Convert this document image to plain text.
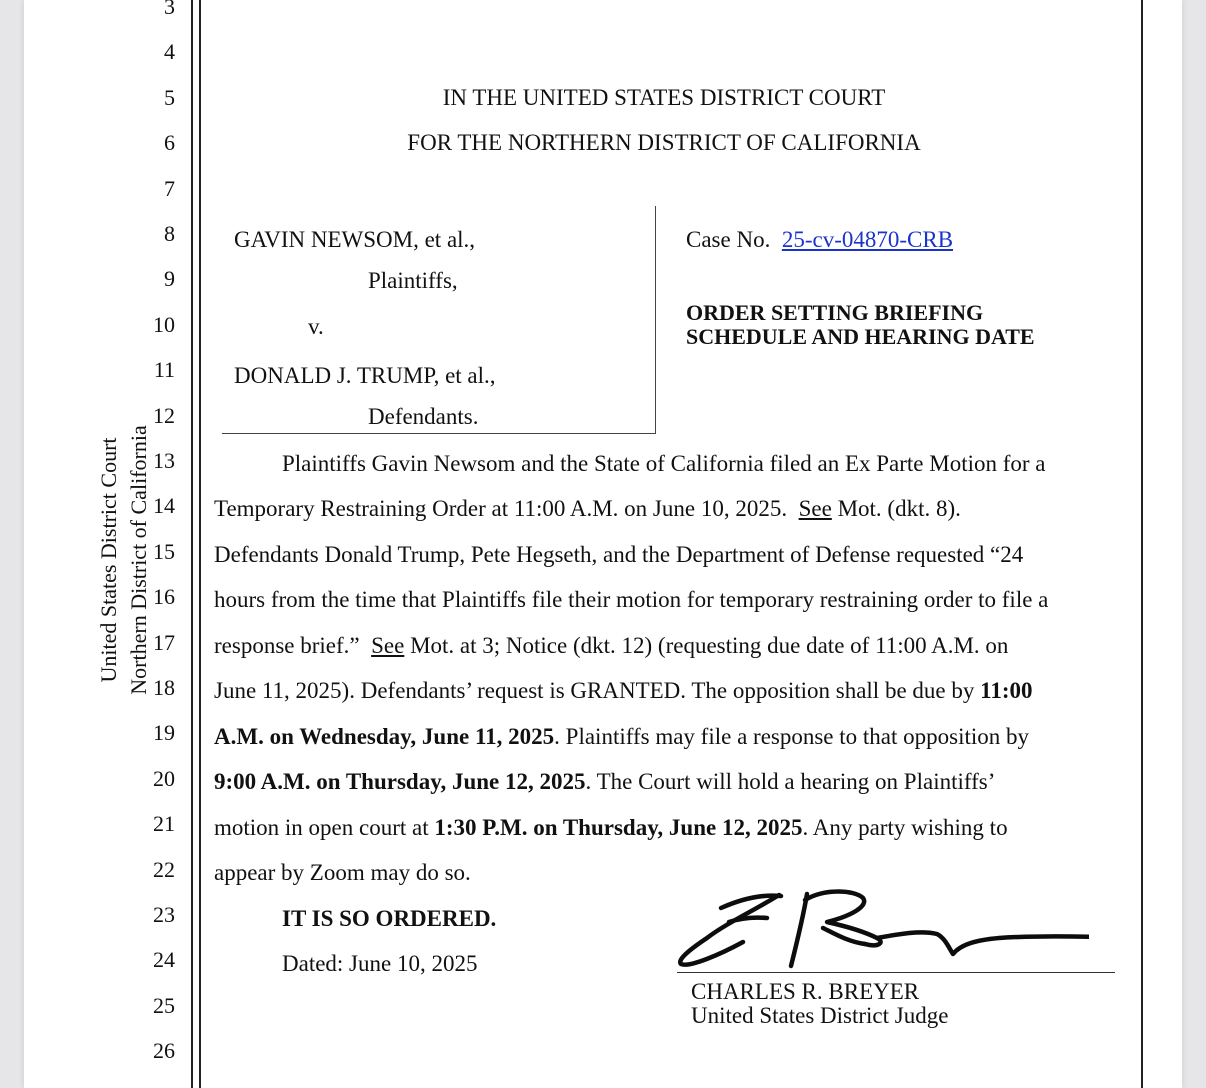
United States District Court Northern District of California
3
4
5
6
7
8
9
10
11
12
13
14
15
16
17
18
19
20
21
22
23
24
25
26
IN THE UNITED STATES DISTRICT COURT
FOR THE NORTHERN DISTRICT OF CALIFORNIA
GAVIN NEWSOM, et al.,
Plaintiffs,
v.
DONALD J. TRUMP, et al.,
Defendants.
Case No. 25-cv-04870-CRB
ORDER SETTING BRIEFING
SCHEDULE AND HEARING DATE
Plaintiffs Gavin Newsom and the State of California filed an Ex Parte Motion for a
Temporary Restraining Order at 11:00 A.M. on June 10, 2025. See Mot. (dkt. 8).
Defendants Donald Trump, Pete Hegseth, and the Department of Defense requested “24
hours from the time that Plaintiffs file their motion for temporary restraining order to file a
response brief.” See Mot. at 3; Notice (dkt. 12) (requesting due date of 11:00 A.M. on
June 11, 2025). Defendants’ request is GRANTED. The opposition shall be due by 11:00
A.M. on Wednesday, June 11, 2025. Plaintiffs may file a response to that opposition by
9:00 A.M. on Thursday, June 12, 2025. The Court will hold a hearing on Plaintiffs’
motion in open court at 1:30 P.M. on Thursday, June 12, 2025. Any party wishing to
appear by Zoom may do so.
IT IS SO ORDERED.
Dated: June 10, 2025
CHARLES R. BREYER
United States District Judge
